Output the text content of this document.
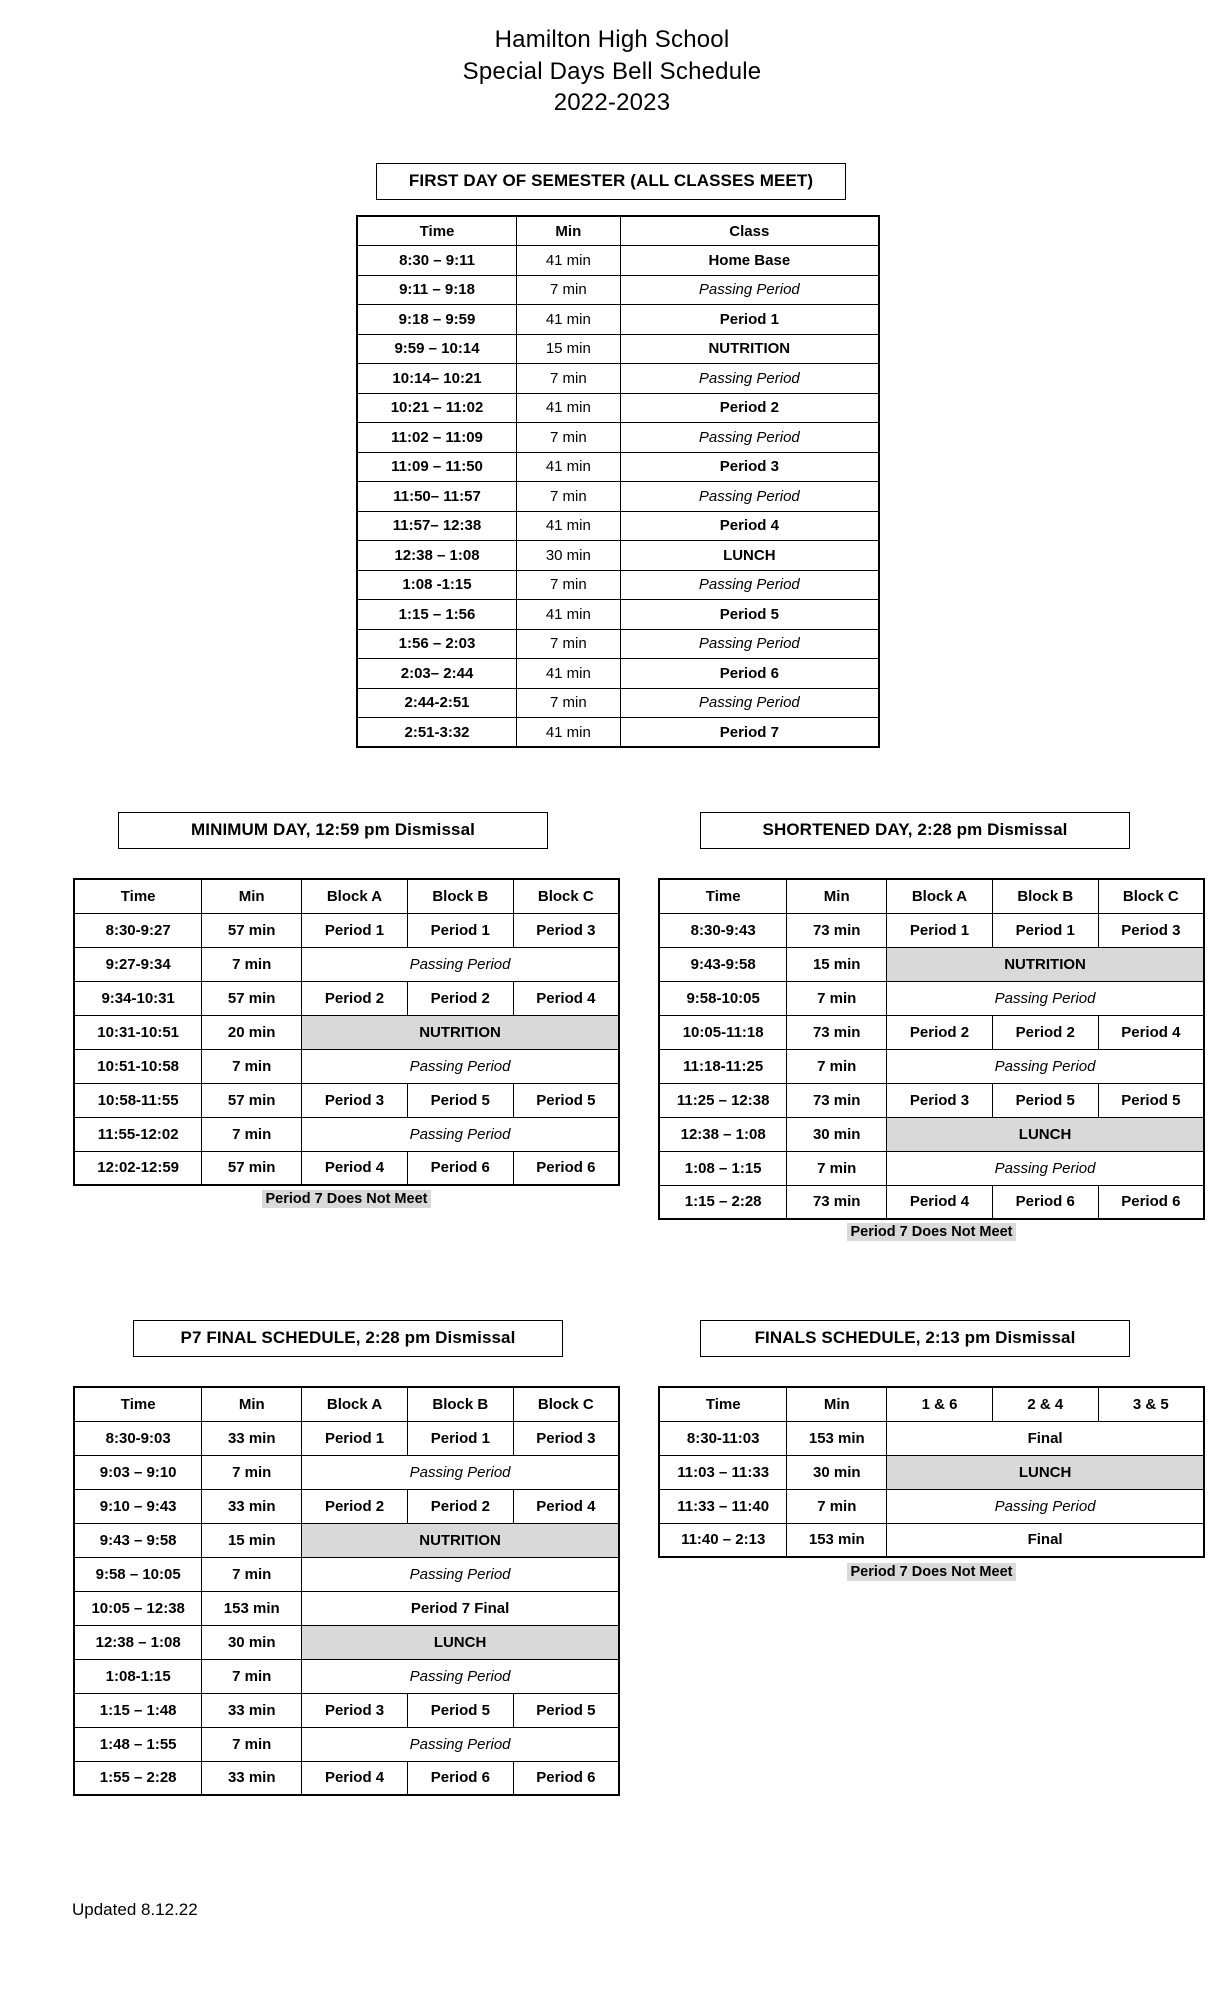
Hamilton High School
Special Days Bell Schedule
2022-2023
FIRST DAY OF SEMESTER (ALL CLASSES MEET)
Time	Min	Class
8:30 – 9:11	41 min	Home Base
9:11 – 9:18	7 min	Passing Period
9:18 – 9:59	41 min	Period 1
9:59 – 10:14	15 min	NUTRITION
10:14– 10:21	7 min	Passing Period
10:21 – 11:02	41 min	Period 2
11:02 – 11:09	7 min	Passing Period
11:09 – 11:50	41 min	Period 3
11:50– 11:57	7 min	Passing Period
11:57– 12:38	41 min	Period 4
12:38 – 1:08	30 min	LUNCH
1:08 -1:15	7 min	Passing Period
1:15 – 1:56	41 min	Period 5
1:56 – 2:03	7 min	Passing Period
2:03– 2:44	41 min	Period 6
2:44-2:51	7 min	Passing Period
2:51-3:32	41 min	Period 7
MINIMUM DAY, 12:59 pm Dismissal
Time	Min	Block A	Block B	Block C
8:30-9:27	57 min	Period 1	Period 1	Period 3
9:27-9:34	7 min	Passing Period		
9:34-10:31	57 min	Period 2	Period 2	Period 4
10:31-10:51	20 min	NUTRITION		
10:51-10:58	7 min	Passing Period		
10:58-11:55	57 min	Period 3	Period 5	Period 5
11:55-12:02	7 min	Passing Period		
12:02-12:59	57 min	Period 4	Period 6	Period 6
Period 7 Does Not Meet
SHORTENED DAY, 2:28 pm Dismissal
Time	Min	Block A	Block B	Block C
8:30-9:43	73 min	Period 1	Period 1	Period 3
9:43-9:58	15 min	NUTRITION		
9:58-10:05	7 min	Passing Period		
10:05-11:18	73 min	Period 2	Period 2	Period 4
11:18-11:25	7 min	Passing Period		
11:25 – 12:38	73 min	Period 3	Period 5	Period 5
12:38 – 1:08	30 min	LUNCH		
1:08 – 1:15	7 min	Passing Period		
1:15 – 2:28	73 min	Period 4	Period 6	Period 6
Period 7 Does Not Meet
P7 FINAL SCHEDULE, 2:28 pm Dismissal
Time	Min	Block A	Block B	Block C
8:30-9:03	33 min	Period 1	Period 1	Period 3
9:03 – 9:10	7 min	Passing Period		
9:10 – 9:43	33 min	Period 2	Period 2	Period 4
9:43 – 9:58	15 min	NUTRITION		
9:58 – 10:05	7 min	Passing Period		
10:05 – 12:38	153 min	Period 7 Final		
12:38 – 1:08	30 min	LUNCH		
1:08-1:15	7 min	Passing Period		
1:15 – 1:48	33 min	Period 3	Period 5	Period 5
1:48 – 1:55	7 min	Passing Period		
1:55 – 2:28	33 min	Period 4	Period 6	Period 6
FINALS SCHEDULE, 2:13 pm Dismissal
Time	Min	1 & 6	2 & 4	3 & 5
8:30-11:03	153 min	Final		
11:03 – 11:33	30 min	LUNCH		
11:33 – 11:40	7 min	Passing Period		
11:40 – 2:13	153 min	Final		
Period 7 Does Not Meet
Updated 8.12.22
